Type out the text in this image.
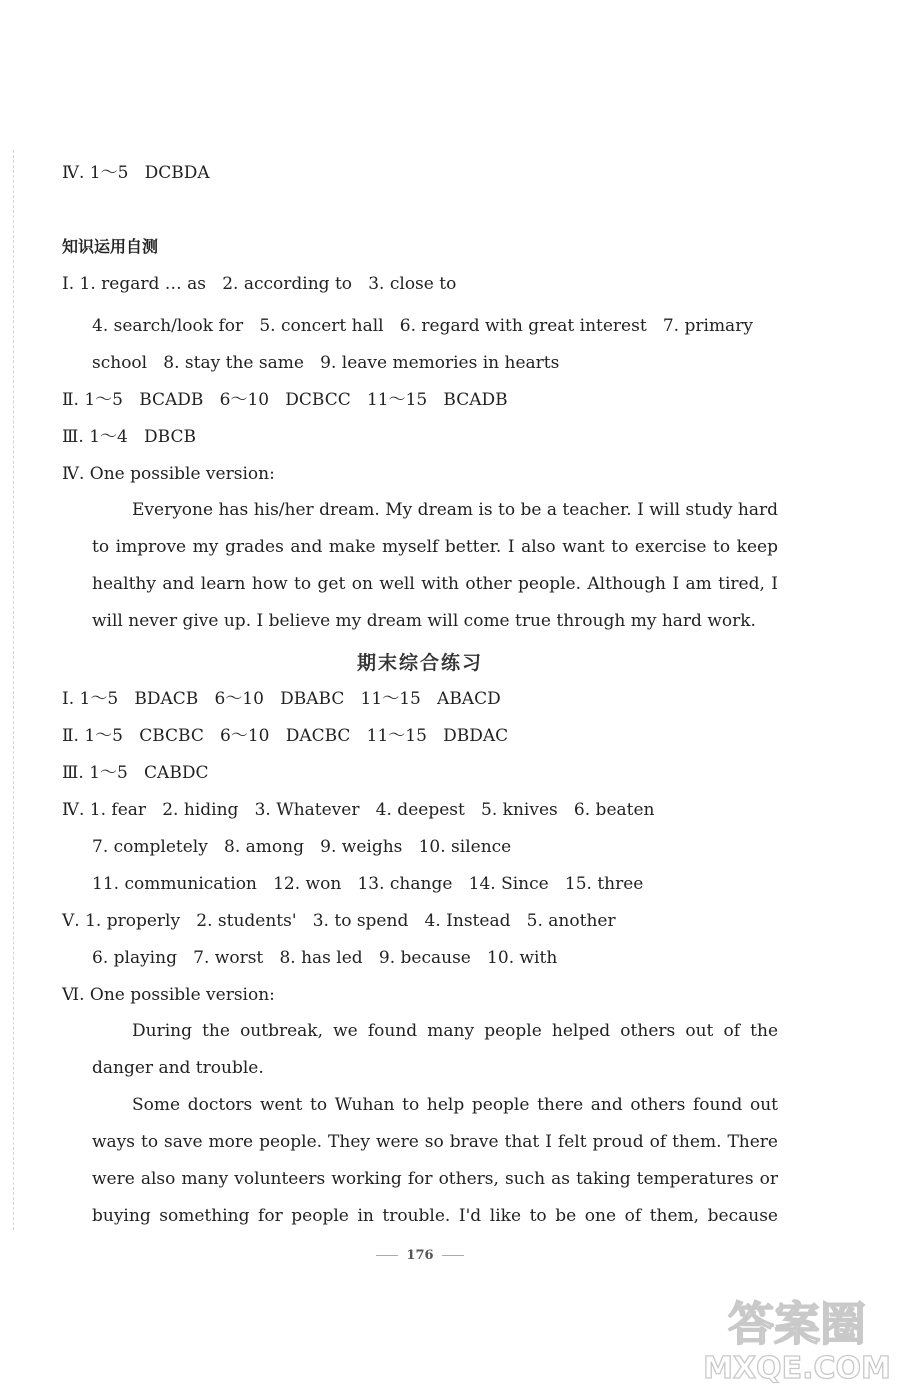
Ⅳ. 1～5   DCBDA
知识运用自测
Ⅰ. 1. regard … as   2. according to   3. close to
4. search/look for   5. concert hall   6. regard with great interest   7. primary
school   8. stay the same   9. leave memories in hearts
Ⅱ. 1～5   BCADB   6～10   DCBCC   11～15   BCADB
Ⅲ. 1～4   DBCB
Ⅳ. One possible version:
Everyone has his/her dream. My dream is to be a teacher. I will study hard
to improve my grades and make myself better. I also want to exercise to keep
healthy and learn how to get on well with other people. Although I am tired, I
will never give up. I believe my dream will come true through my hard work.
期末综合练习
Ⅰ. 1～5   BDACB   6～10   DBABC   11～15   ABACD
Ⅱ. 1～5   CBCBC   6～10   DACBC   11～15   DBDAC
Ⅲ. 1～5   CABDC
Ⅳ. 1. fear   2. hiding   3. Whatever   4. deepest   5. knives   6. beaten
7. completely   8. among   9. weighs   10. silence
11. communication   12. won   13. change   14. Since   15. three
Ⅴ. 1. properly   2. students'   3. to spend   4. Instead   5. another
6. playing   7. worst   8. has led   9. because   10. with
Ⅵ. One possible version:
During the outbreak, we found many people helped others out of the
danger and trouble.
Some doctors went to Wuhan to help people there and others found out
ways to save more people. They were so brave that I felt proud of them. There
were also many volunteers working for others, such as taking temperatures or
buying something for people in trouble. I'd like to be one of them, because
176
答案圈
MXQE.COM
